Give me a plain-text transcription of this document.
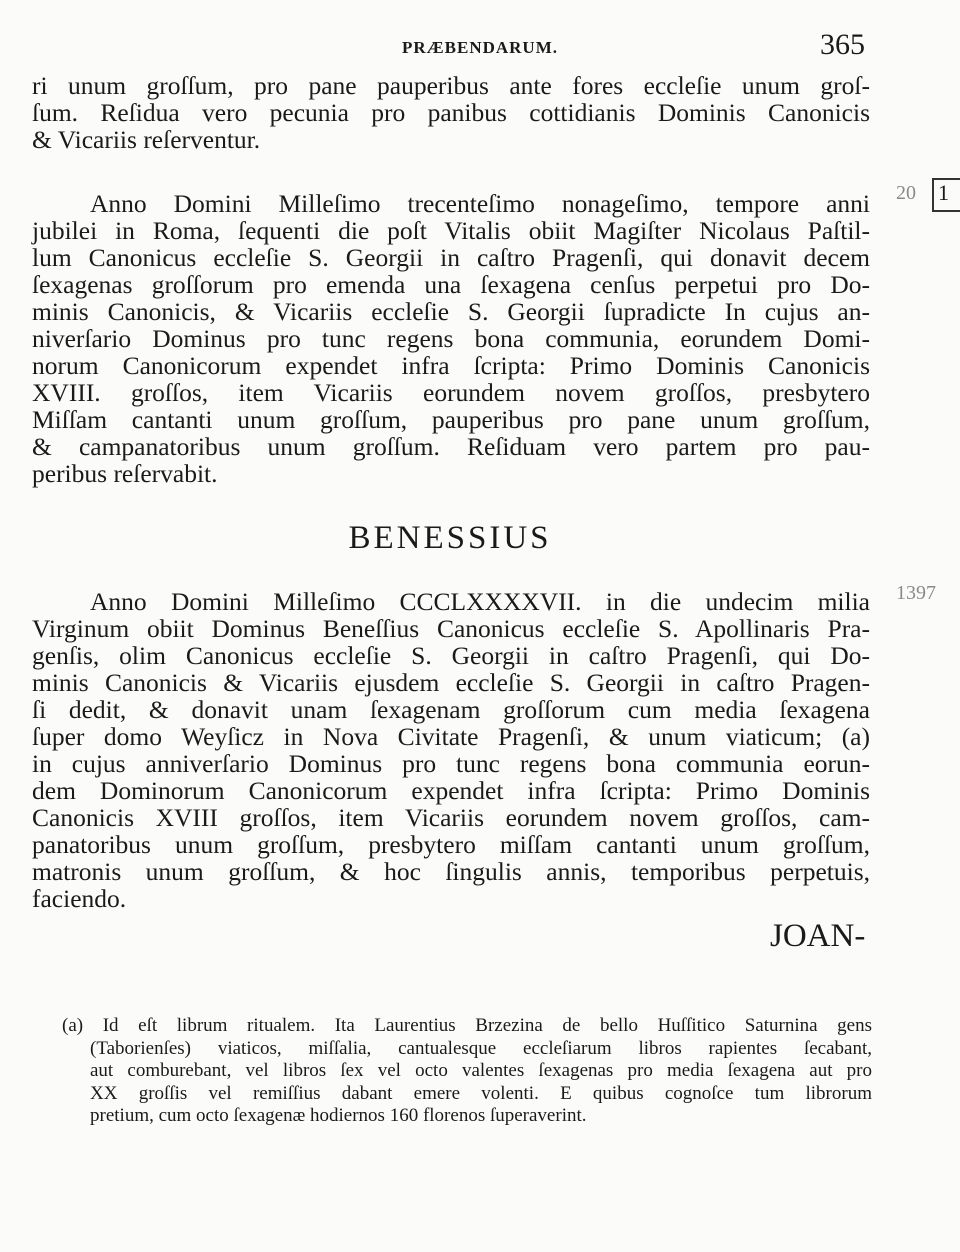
PRÆBENDARUM.	365
ri unum groſſum, pro pane pauperibus ante fores eccleſie unum groſ-
ſum. Reſidua vero pecunia pro panibus cottidianis Dominis Canonicis
& Vicariis reſerventur.
Anno Domini Milleſimo trecenteſimo nonageſimo, tempore anni
jubilei in Roma, ſequenti die poſt Vitalis obiit Magiſter Nicolaus Paſtil-
lum Canonicus eccleſie S. Georgii in caſtro Pragenſi, qui donavit decem
ſexagenas groſſorum pro emenda una ſexagena cenſus perpetui pro Do-
minis Canonicis, & Vicariis eccleſie S. Georgii ſupradicte In cujus an-
niverſario Dominus pro tunc regens bona communia, eorundem Domi-
norum Canonicorum expendet infra ſcripta: Primo Dominis Canonicis
XVIII. groſſos, item Vicariis eorundem novem groſſos, presbytero
Miſſam cantanti unum groſſum, pauperibus pro pane unum groſſum,
& campanatoribus unum groſſum. Reſiduam vero partem pro pau-
peribus reſervabit.
BENESSIUS
Anno Domini Milleſimo CCCLXXXXVII. in die undecim milia
Virginum obiit Dominus Beneſſius Canonicus eccleſie S. Apollinaris Pra-
genſis, olim Canonicus eccleſie S. Georgii in caſtro Pragenſi, qui Do-
minis Canonicis & Vicariis ejusdem eccleſie S. Georgii in caſtro Pragen-
ſi dedit, & donavit unam ſexagenam groſſorum cum media ſexagena
ſuper domo Weyſicz in Nova Civitate Pragenſi, & unum viaticum; (a)
in cujus anniverſario Dominus pro tunc regens bona communia eorun-
dem Dominorum Canonicorum expendet infra ſcripta: Primo Dominis
Canonicis XVIII groſſos, item Vicariis eorundem novem groſſos, cam-
panatoribus unum groſſum, presbytero miſſam cantanti unum groſſum,
matronis unum groſſum, & hoc ſingulis annis, temporibus perpetuis,
faciendo.
JOAN-
(a) Id eſt librum ritualem. Ita Laurentius Brzezina de bello Huſſitico Saturnina gens
(Taborienſes) viaticos, miſſalia, cantualesque eccleſiarum libros rapientes ſecabant,
aut comburebant, vel libros ſex vel octo valentes ſexagenas pro media ſexagena aut pro
XX groſſis vel remiſſius dabant emere volenti. E quibus cognoſce tum librorum
pretium, cum octo ſexagenæ hodiernos 160 florenos ſuperaverint.
20 1
1397
